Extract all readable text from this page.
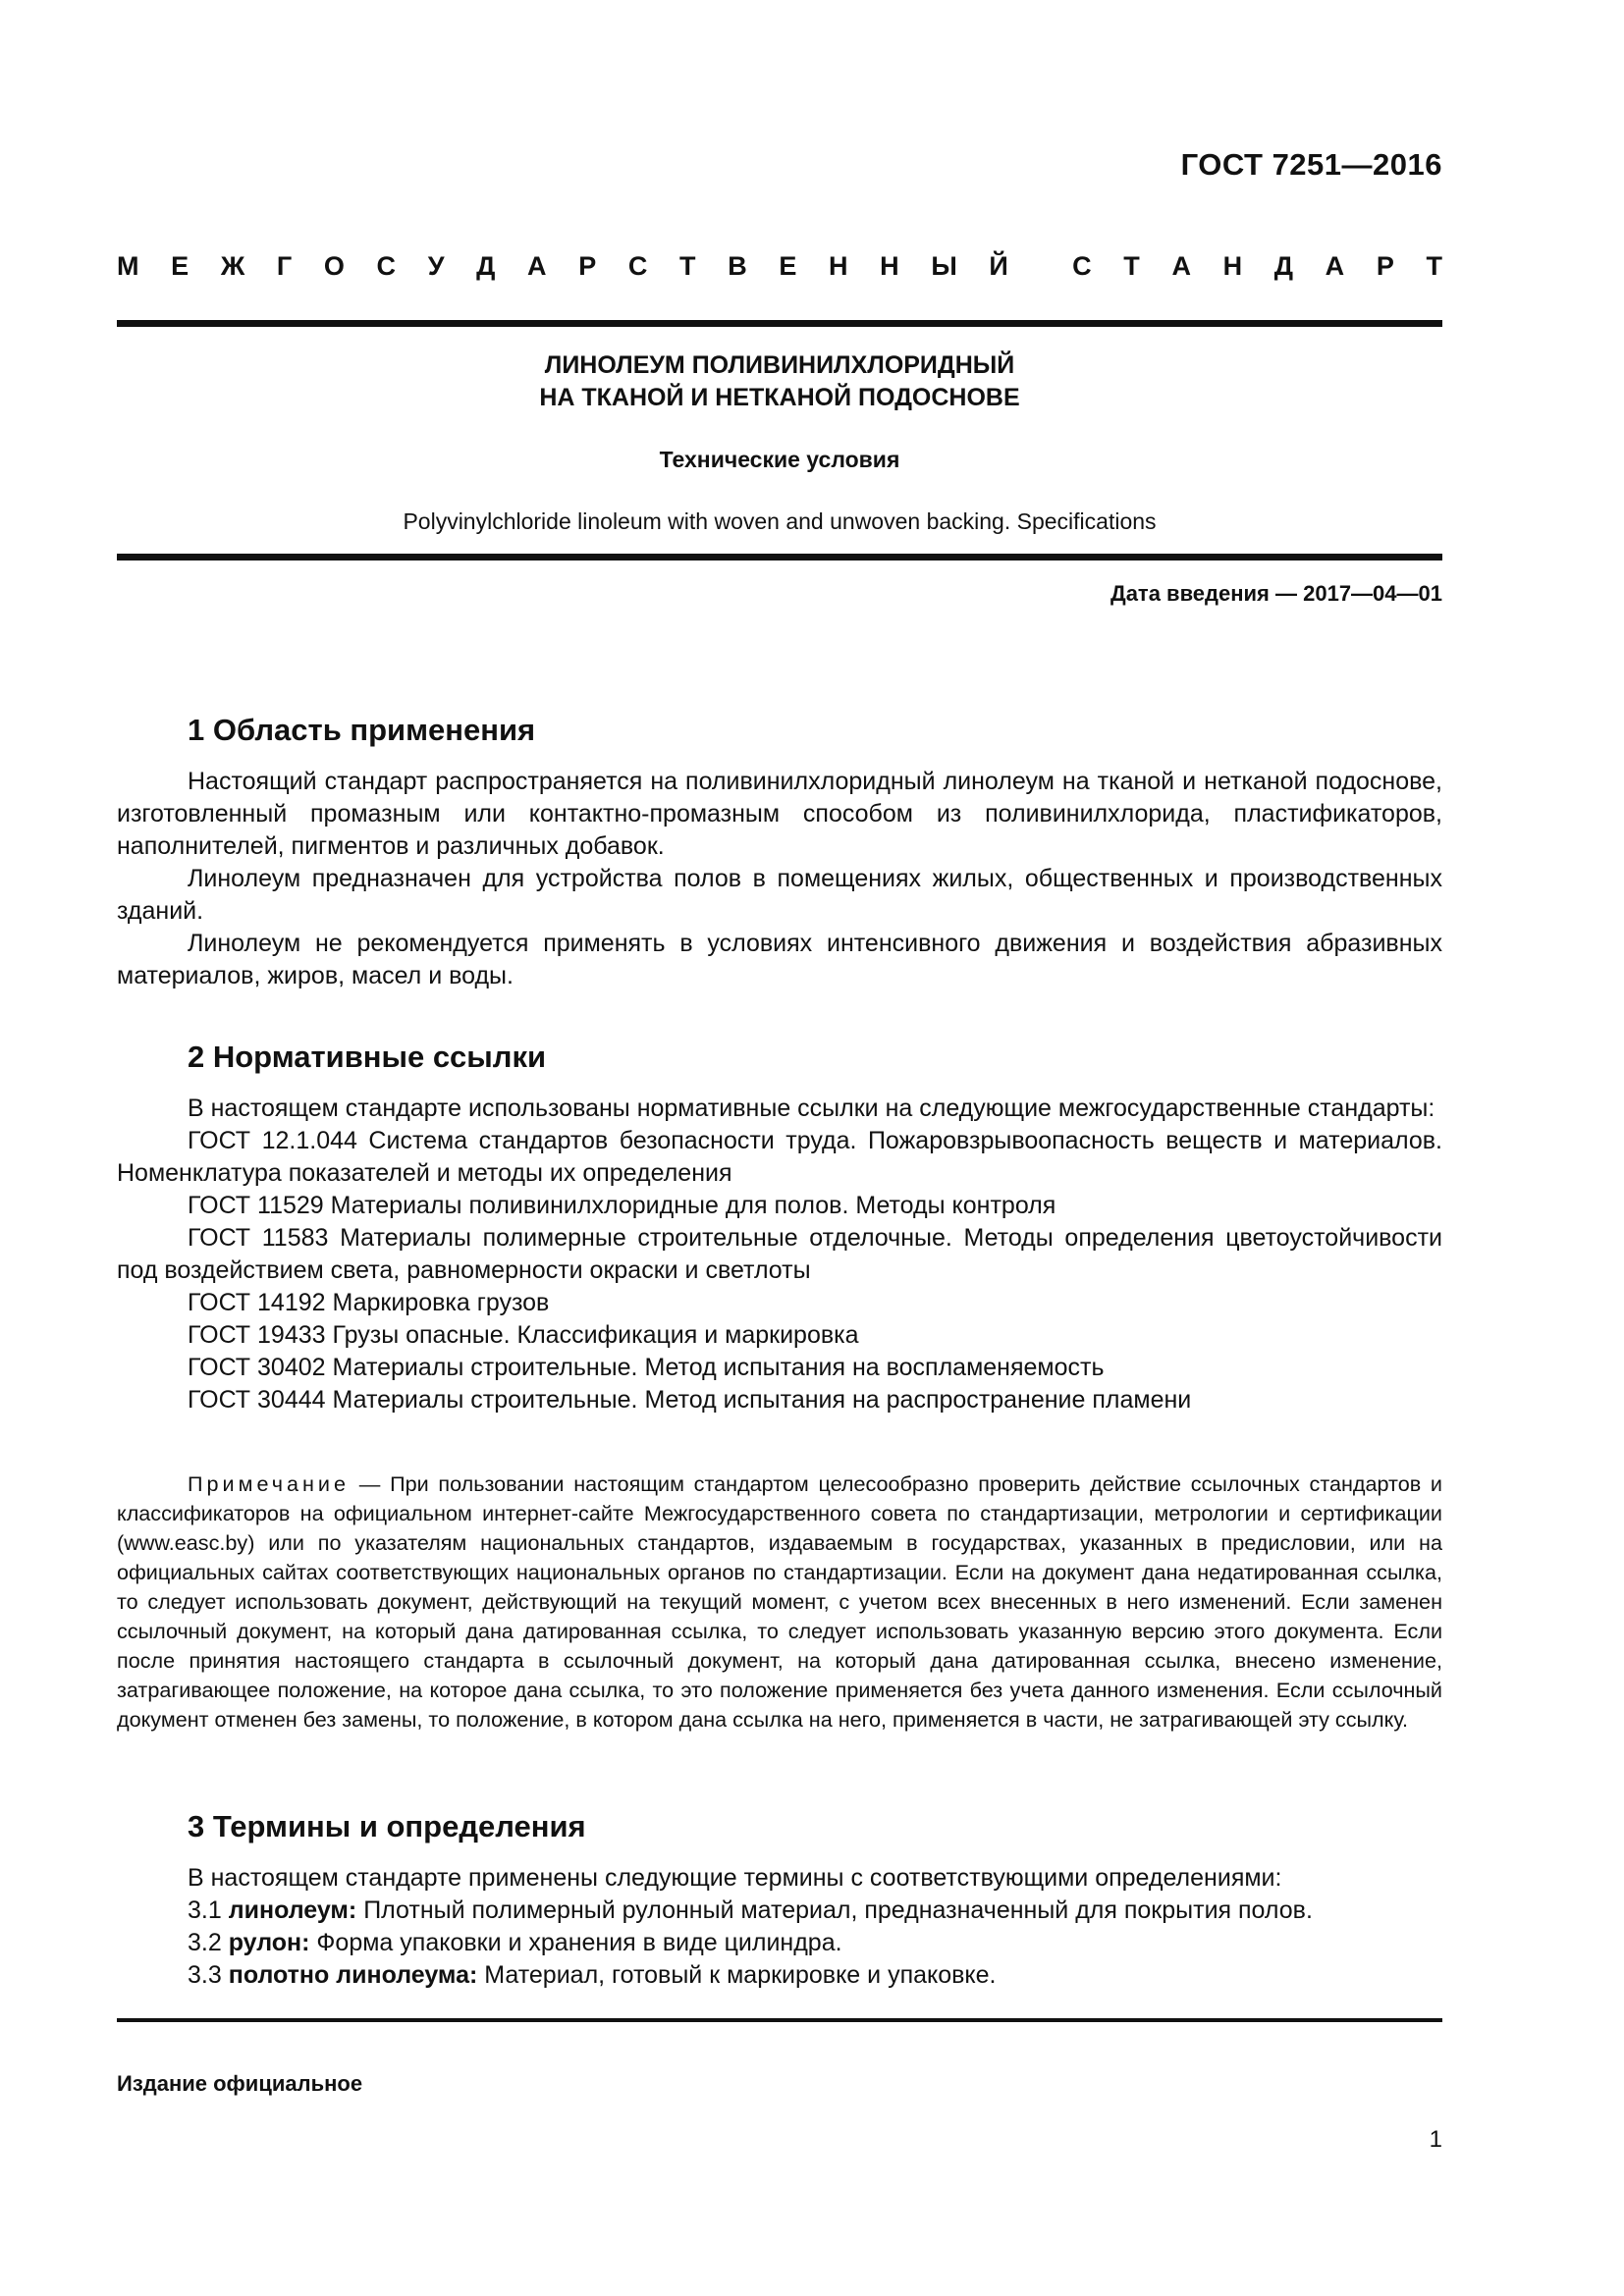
ГОСТ 7251—2016
М Е Ж Г О С У Д А Р С Т В Е Н Н Ы Й С Т А Н Д А Р Т
ЛИНОЛЕУМ ПОЛИВИНИЛХЛОРИДНЫЙ
НА ТКАНОЙ И НЕТКАНОЙ ПОДОСНОВЕ
Технические условия
Polyvinylchloride linoleum with woven and unwoven backing. Specifications
Дата введения — 2017—04—01
1 Область применения

Настоящий стандарт распространяется на поливинилхлоридный линолеум на тканой и нетканой подоснове, изготовленный промазным или контактно-промазным способом из поливинилхлорида, пластификаторов, наполнителей, пигментов и различных добавок.

Линолеум предназначен для устройства полов в помещениях жилых, общественных и производственных зданий.

Линолеум не рекомендуется применять в условиях интенсивного движения и воздействия абразивных материалов, жиров, масел и воды.

2 Нормативные ссылки

В настоящем стандарте использованы нормативные ссылки на следующие межгосударственные стандарты:

ГОСТ 12.1.044 Система стандартов безопасности труда. Пожаровзрывоопасность веществ и материалов. Номенклатура показателей и методы их определения

ГОСТ 11529 Материалы поливинилхлоридные для полов. Методы контроля

ГОСТ 11583 Материалы полимерные строительные отделочные. Методы определения цветоустойчивости под воздействием света, равномерности окраски и светлоты

ГОСТ 14192 Маркировка грузов

ГОСТ 19433 Грузы опасные. Классификация и маркировка

ГОСТ 30402 Материалы строительные. Метод испытания на воспламеняемость

ГОСТ 30444 Материалы строительные. Метод испытания на распространение пламени

Примечание — При пользовании настоящим стандартом целесообразно проверить действие ссылочных стандартов и классификаторов на официальном интернет-сайте Межгосударственного совета по стандартизации, метрологии и сертификации (www.easc.by) или по указателям национальных стандартов, издаваемым в государствах, указанных в предисловии, или на официальных сайтах соответствующих национальных органов по стандартизации. Если на документ дана недатированная ссылка, то следует использовать документ, действующий на текущий момент, с учетом всех внесенных в него изменений. Если заменен ссылочный документ, на который дана датированная ссылка, то следует использовать указанную версию этого документа. Если после принятия настоящего стандарта в ссылочный документ, на который дана датированная ссылка, внесено изменение, затрагивающее положение, на которое дана ссылка, то это положение применяется без учета данного изменения. Если ссылочный документ отменен без замены, то положение, в котором дана ссылка на него, применяется в части, не затрагивающей эту ссылку.

3 Термины и определения

В настоящем стандарте применены следующие термины с соответствующими определениями:

3.1 линолеум: Плотный полимерный рулонный материал, предназначенный для покрытия полов.

3.2 рулон: Форма упаковки и хранения в виде цилиндра.

3.3 полотно линолеума: Материал, готовый к маркировке и упаковке.

Издание официальное
1
